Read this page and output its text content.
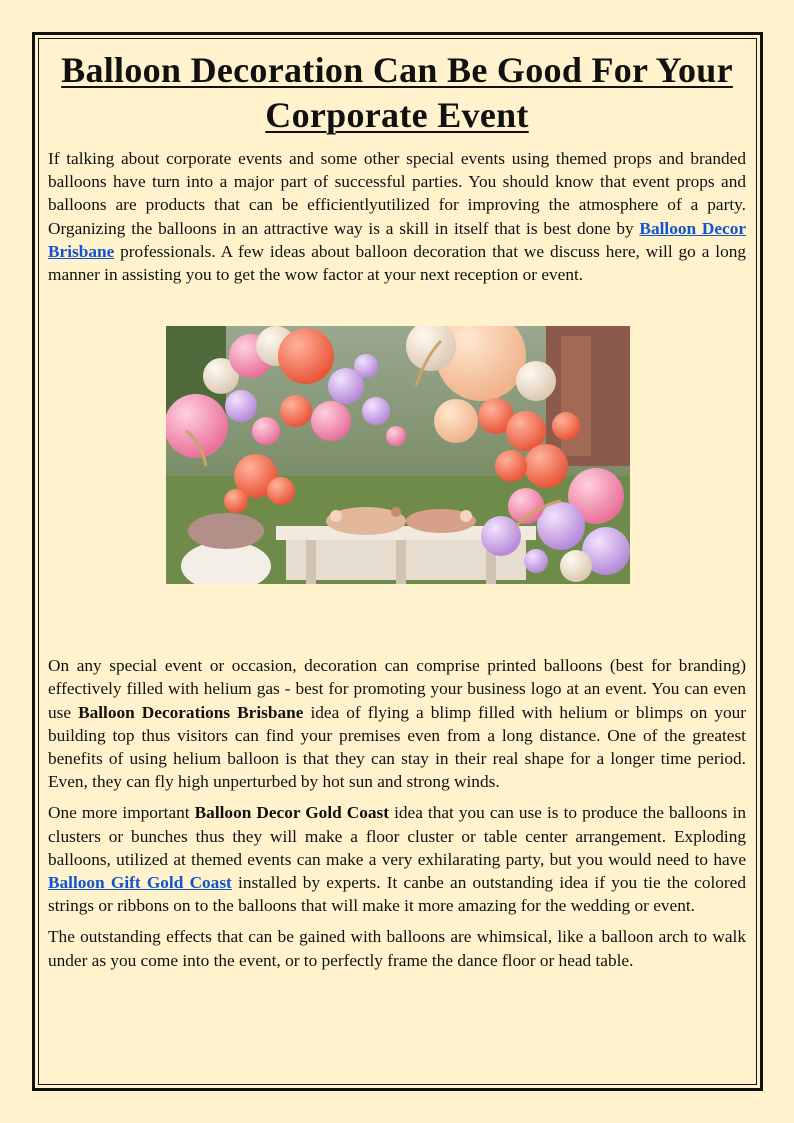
Balloon Decoration Can Be Good For Your Corporate Event

If talking about corporate events and some other special events using themed props and branded balloons have turn into a major part of successful parties. You should know that event props and balloons are products that can be efficientlyutilized for improving the atmosphere of a party. Organizing the balloons in an attractive way is a skill in itself that is best done by Balloon Decor Brisbane professionals. A few ideas about balloon decoration that we discuss here, will go a long manner in assisting you to get the wow factor at your next reception or event.

On any special event or occasion, decoration can comprise printed balloons (best for branding) effectively filled with helium gas - best for promoting your business logo at an event. You can even use Balloon Decorations Brisbane idea of flying a blimp filled with helium or blimps on your building top thus visitors can find your premises even from a long distance. One of the greatest benefits of using helium balloon is that they can stay in their real shape for a longer time period. Even, they can fly high unperturbed by hot sun and strong winds.

One more important Balloon Decor Gold Coast idea that you can use is to produce the balloons in clusters or bunches thus they will make a floor cluster or table center arrangement. Exploding balloons, utilized at themed events can make a very exhilarating party, but you would need to have Balloon Gift Gold Coast installed by experts. It canbe an outstanding idea if you tie the colored strings or ribbons on to the balloons that will make it more amazing for the wedding or event.

The outstanding effects that can be gained with balloons are whimsical, like a balloon arch to walk under as you come into the event, or to perfectly frame the dance floor or head table.
